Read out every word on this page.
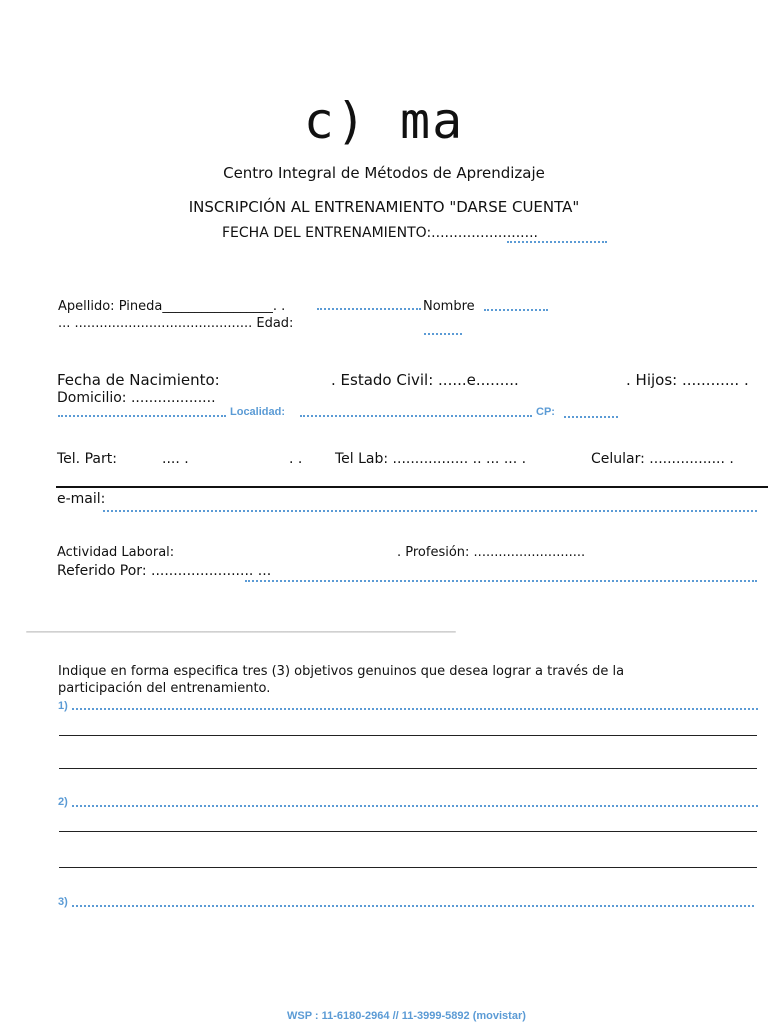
c) ma
Centro Integral de Métodos de Aprendizaje
INSCRIPCIÓN AL ENTRENAMIENTO "DARSE CUENTA"
FECHA DEL ENTRENAMIENTO:........................
Apellido: Pineda_________________. .	Nombre
... ........................................... Edad:
Fecha de Nacimiento:	. Estado Civil: ......e.........	. Hijos: ............ .
Domicilio: ...................
Localidad:	CP:
Tel. Part:	.... .	. . Tel Lab: ................. .. ... ... .	Celular: ................. .
e-mail:
Actividad Laboral:	. Profesión: ...........................
Referido Por: ....................... ...
Indique en forma especifica tres (3) objetivos genuinos que desea lograr a través de la
participación del entrenamiento.
1)
2)
3)
WSP : 11-6180-2964 // 11-3999-5892 (movistar)
